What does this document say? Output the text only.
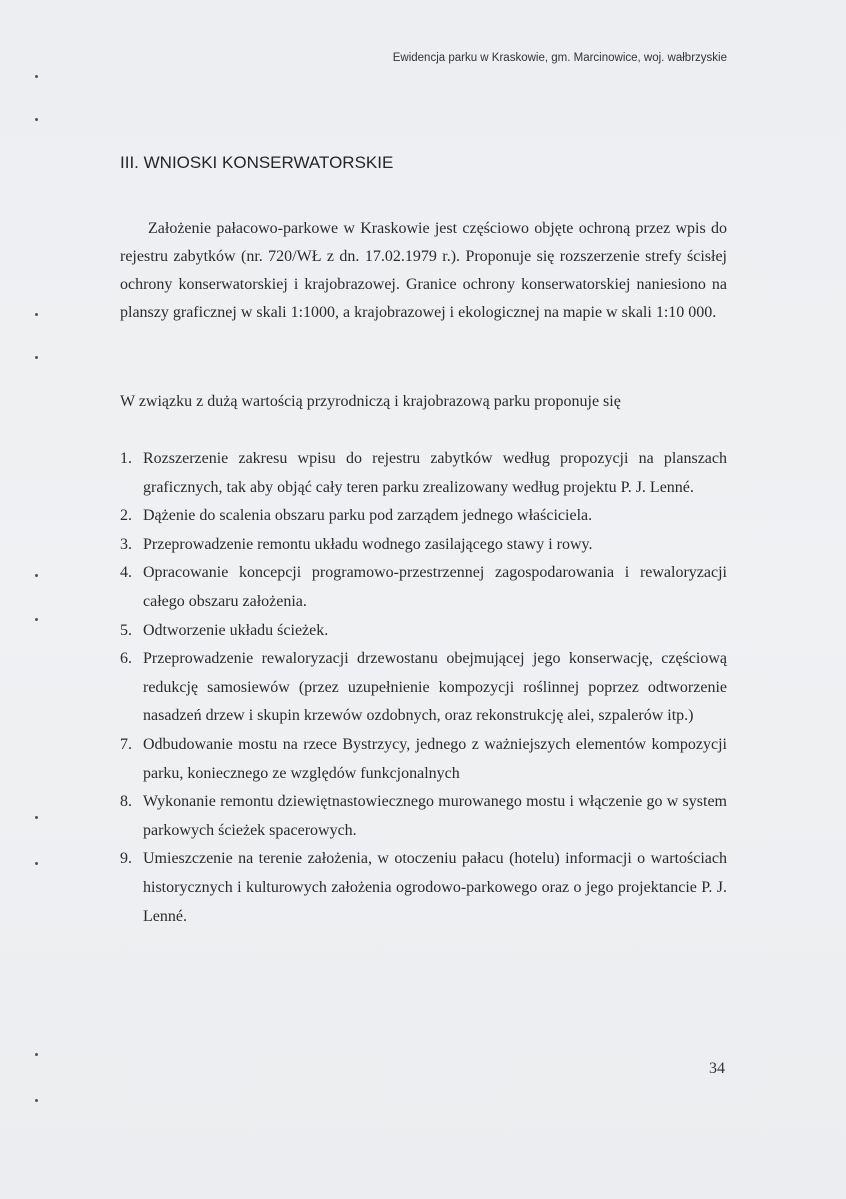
Ewidencja parku w Kraskowie, gm. Marcinowice, woj. wałbrzyskie
III. WNIOSKI KONSERWATORSKIE

Założenie pałacowo-parkowe w Kraskowie jest częściowo objęte ochroną przez wpis do rejestru zabytków (nr. 720/WŁ z dn. 17.02.1979 r.). Proponuje się rozszerzenie strefy ścisłej ochrony konserwatorskiej i krajobrazowej. Granice ochrony konserwatorskiej naniesiono na planszy graficznej w skali 1:1000, a krajobrazowej i ekologicznej na mapie w skali 1:10 000.

W związku z dużą wartością przyrodniczą i krajobrazową parku proponuje się

1. Rozszerzenie zakresu wpisu do rejestru zabytków według propozycji na planszach graficznych, tak aby objąć cały teren parku zrealizowany według projektu P. J. Lenné.
2. Dążenie do scalenia obszaru parku pod zarządem jednego właściciela.
3. Przeprowadzenie remontu układu wodnego zasilającego stawy i rowy.
4. Opracowanie koncepcji programowo-przestrzennej zagospodarowania i rewaloryzacji całego obszaru założenia.
5. Odtworzenie układu ścieżek.
6. Przeprowadzenie rewaloryzacji drzewostanu obejmującej jego konserwację, częściową redukcję samosiewów (przez uzupełnienie kompozycji roślinnej poprzez odtworzenie nasadzeń drzew i skupin krzewów ozdobnych, oraz rekonstrukcję alei, szpalerów itp.)
7. Odbudowanie mostu na rzece Bystrzycy, jednego z ważniejszych elementów kompozycji parku, koniecznego ze względów funkcjonalnych
8. Wykonanie remontu dziewiętnastowiecznego murowanego mostu i włączenie go w system parkowych ścieżek spacerowych.
9. Umieszczenie na terenie założenia, w otoczeniu pałacu (hotelu) informacji o wartościach historycznych i kulturowych założenia ogrodowo-parkowego oraz o jego projektancie P. J. Lenné.
34
